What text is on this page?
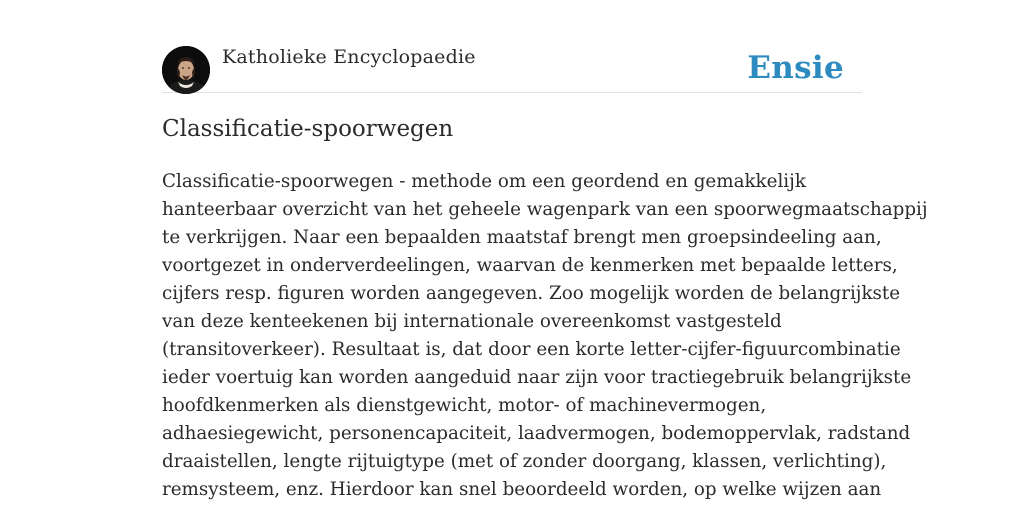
Katholieke Encyclopaedie	Ensie
Classificatie-spoorwegen

Classificatie-spoorwegen - methode om een geordend en gemakkelijk
hanteerbaar overzicht van het geheele wagenpark van een spoorwegmaatschappij
te verkrijgen. Naar een bepaalden maatstaf brengt men groepsindeeling aan,
voortgezet in onderverdeelingen, waarvan de kenmerken met bepaalde letters,
cijfers resp. figuren worden aangegeven. Zoo mogelijk worden de belangrijkste
van deze kenteekenen bij internationale overeenkomst vastgesteld
(transitoverkeer). Resultaat is, dat door een korte letter-cijfer-figuurcombinatie
ieder voertuig kan worden aangeduid naar zijn voor tractiegebruik belangrijkste
hoofdkenmerken als dienstgewicht, motor- of machinevermogen,
adhaesiegewicht, personencapaciteit, laadvermogen, bodemoppervlak, radstand
draaistellen, lengte rijtuigtype (met of zonder doorgang, klassen, verlichting),
remsysteem, enz. Hierdoor kan snel beoordeeld worden, op welke wijzen aan
